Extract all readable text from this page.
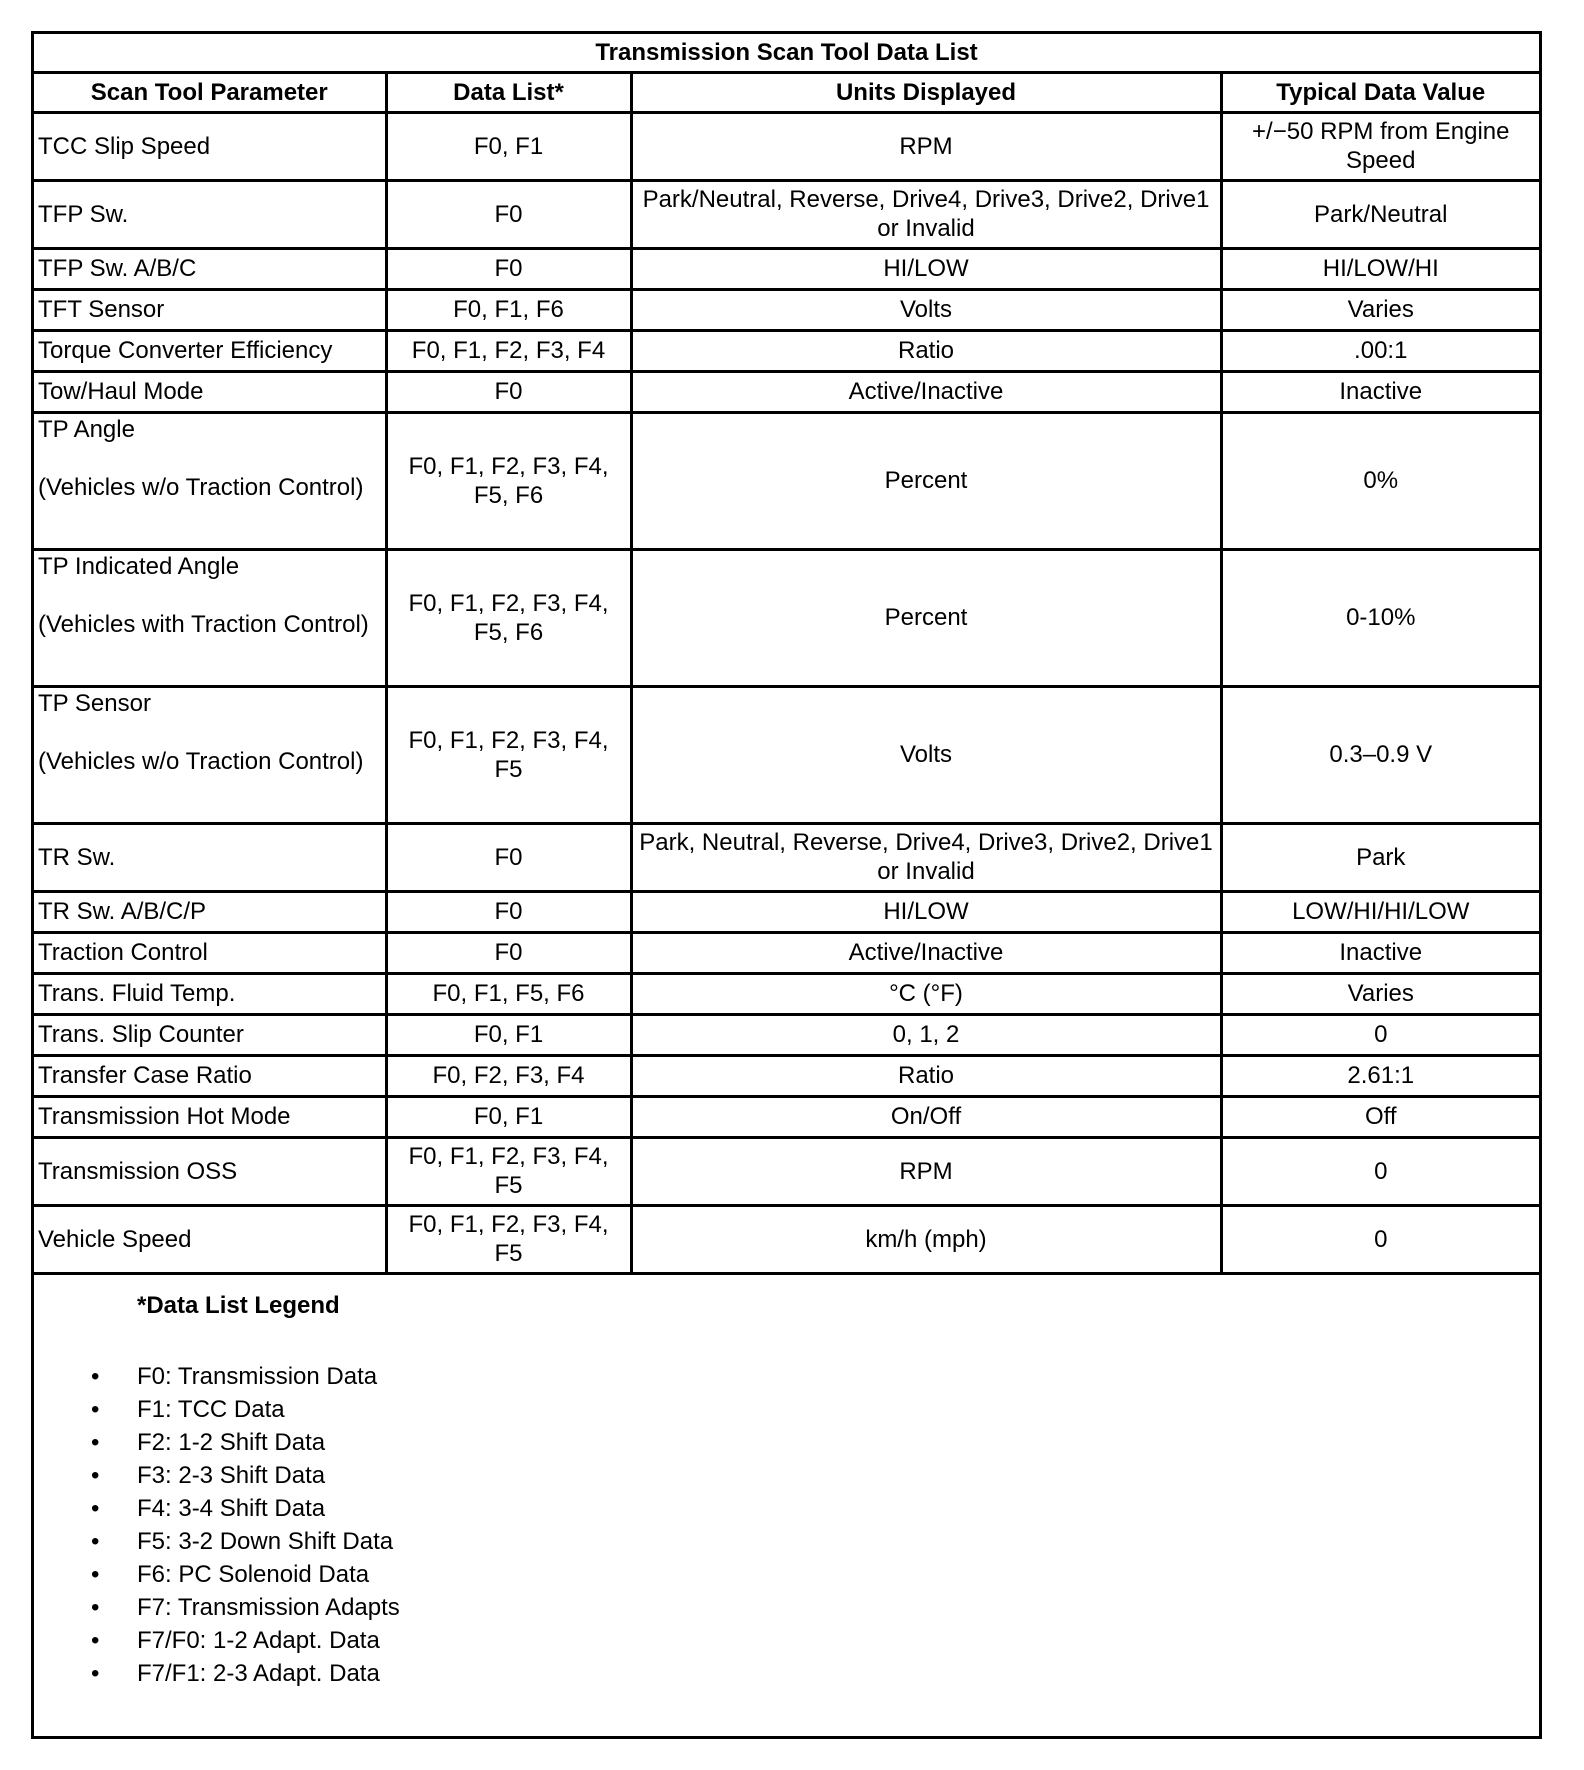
Transmission Scan Tool Data List			
Scan Tool Parameter	Data List*	Units Displayed	Typical Data Value
TCC Slip Speed	F0, F1	RPM	+/−50 RPM from Engine Speed
TFP Sw.	F0	Park/Neutral, Reverse, Drive4, Drive3, Drive2, Drive1 or Invalid	Park/Neutral
TFP Sw. A/B/C	F0	HI/LOW	HI/LOW/HI
TFT Sensor	F0, F1, F6	Volts	Varies
Torque Converter Efficiency	F0, F1, F2, F3, F4	Ratio	.00:1
Tow/Haul Mode	F0	Active/Inactive	Inactive

TP Angle
(Vehicles w/o Traction Control)	F0, F1, F2, F3, F4, F5, F6	Percent	0%

TP Indicated Angle
(Vehicles with Traction Control)	F0, F1, F2, F3, F4, F5, F6	Percent	0-10%

TP Sensor
(Vehicles w/o Traction Control)	F0, F1, F2, F3, F4, F5	Volts	0.3–0.9 V
TR Sw.	F0	Park, Neutral, Reverse, Drive4, Drive3, Drive2, Drive1 or Invalid	Park
TR Sw. A/B/C/P	F0	HI/LOW	LOW/HI/HI/LOW
Traction Control	F0	Active/Inactive	Inactive
Trans. Fluid Temp.	F0, F1, F5, F6	°C (°F)	Varies
Trans. Slip Counter	F0, F1	0, 1, 2	0
Transfer Case Ratio	F0, F2, F3, F4	Ratio	2.61:1
Transmission Hot Mode	F0, F1	On/Off	Off
Transmission OSS	F0, F1, F2, F3, F4, F5	RPM	0
Vehicle Speed	F0, F1, F2, F3, F4, F5	km/h (mph)	0
*Data List Legend
• F0: Transmission Data
• F1: TCC Data
• F2: 1-2 Shift Data
• F3: 2-3 Shift Data
• F4: 3-4 Shift Data
• F5: 3-2 Down Shift Data
• F6: PC Solenoid Data
• F7: Transmission Adapts
• F7/F0: 1-2 Adapt. Data
• F7/F1: 2-3 Adapt. Data
